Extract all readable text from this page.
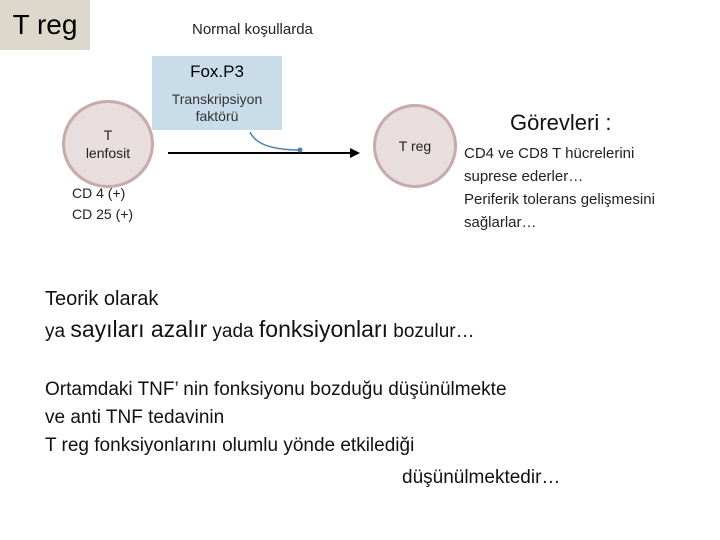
T reg	Normal koşullarda
Fox.P3
Transkripsiyon
faktörü
T
lenfosit
CD 4 (+)
CD 25 (+)
T reg
Görevleri :
CD4 ve CD8 T hücrelerini
suprese ederler…
Periferik tolerans gelişmesini
sağlarlar…
Teorik olarak
ya sayıları azalır yada fonksiyonları bozulur…
Ortamdaki TNF’ nin fonksiyonu bozduğu düşünülmekte
ve anti TNF tedavinin
T reg fonksiyonlarını olumlu yönde etkilediği
düşünülmektedir…
